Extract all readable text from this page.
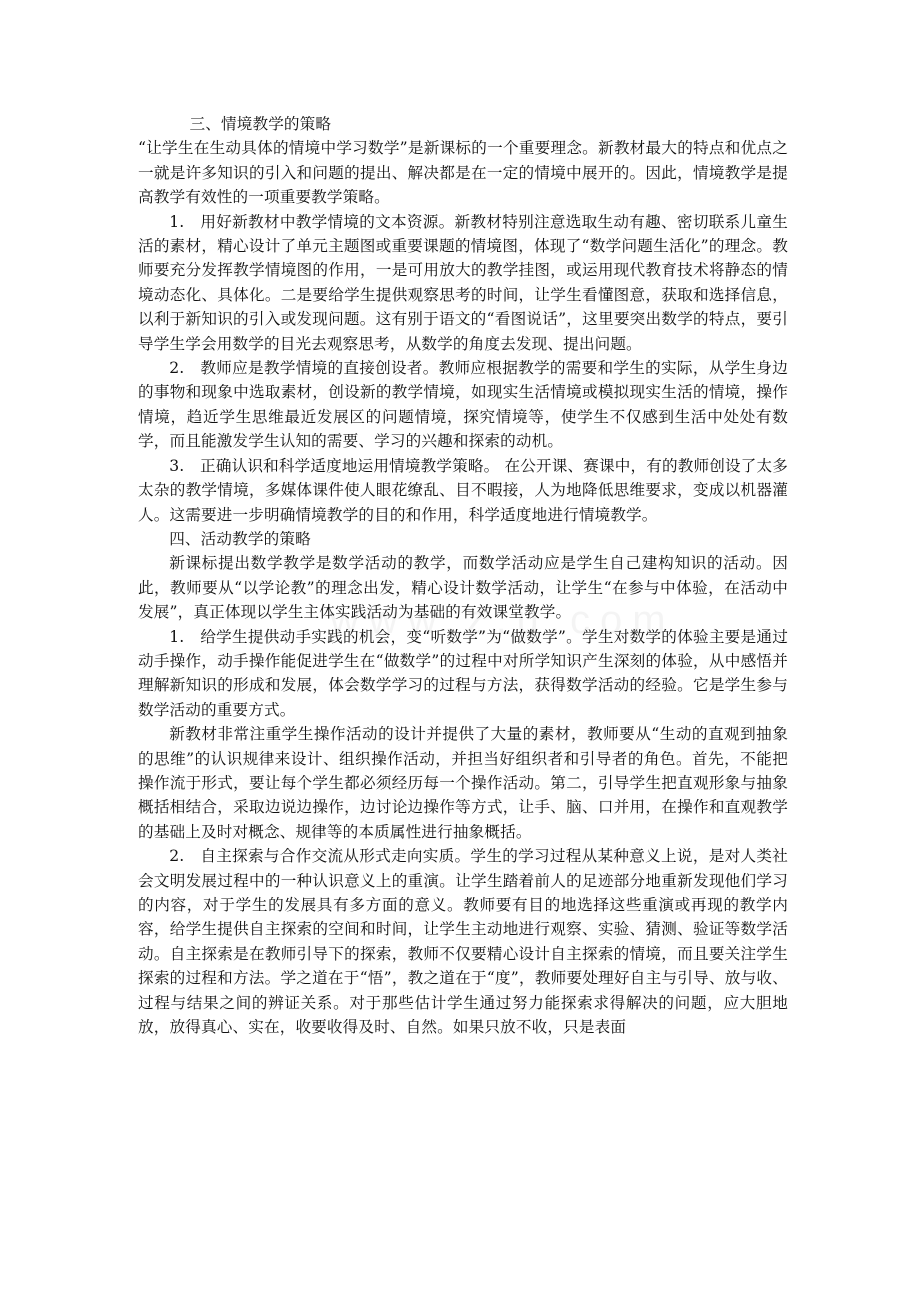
三、情境教学的策略

“让学生在生动具体的情境中学习数学”是新课标的一个重要理念。新教材最大的特点和优点之一就是许多知识的引入和问题的提出、解决都是在一定的情境中展开的。因此，情境教学是提高教学有效性的一项重要教学策略。

1.　用好新教材中教学情境的文本资源。新教材特别注意选取生动有趣、密切联系儿童生活的素材，精心设计了单元主题图或重要课题的情境图，体现了“数学问题生活化”的理念。教师要充分发挥教学情境图的作用，一是可用放大的教学挂图，或运用现代教育技术将静态的情境动态化、具体化。二是要给学生提供观察思考的时间，让学生看懂图意，获取和选择信息，以利于新知识的引入或发现问题。这有别于语文的“看图说话”，这里要突出数学的特点，要引导学生学会用数学的目光去观察思考，从数学的角度去发现、提出问题。

2.　教师应是教学情境的直接创设者。教师应根据教学的需要和学生的实际，从学生身边的事物和现象中选取素材，创设新的教学情境，如现实生活情境或模拟现实生活的情境，操作情境，趋近学生思维最近发展区的问题情境，探究情境等，使学生不仅感到生活中处处有数学，而且能激发学生认知的需要、学习的兴趣和探索的动机。

3.　正确认识和科学适度地运用情境教学策略。 在公开课、赛课中，有的教师创设了太多太杂的教学情境，多媒体课件使人眼花缭乱、目不暇接，人为地降低思维要求，变成以机器灌人。这需要进一步明确情境教学的目的和作用，科学适度地进行情境教学。

四、活动教学的策略

新课标提出数学教学是数学活动的教学，而数学活动应是学生自己建构知识的活动。因此，教师要从“以学论教”的理念出发，精心设计数学活动，让学生“在参与中体验，在活动中发展”，真正体现以学生主体实践活动为基础的有效课堂教学。

1.　给学生提供动手实践的机会，变“听数学”为“做数学”。学生对数学的体验主要是通过动手操作，动手操作能促进学生在“做数学”的过程中对所学知识产生深刻的体验，从中感悟并理解新知识的形成和发展，体会数学学习的过程与方法，获得数学活动的经验。它是学生参与数学活动的重要方式。

新教材非常注重学生操作活动的设计并提供了大量的素材，教师要从“生动的直观到抽象的思维”的认识规律来设计、组织操作活动，并担当好组织者和引导者的角色。首先，不能把操作流于形式，要让每个学生都必须经历每一个操作活动。第二，引导学生把直观形象与抽象概括相结合，采取边说边操作，边讨论边操作等方式，让手、脑、口并用，在操作和直观教学的基础上及时对概念、规律等的本质属性进行抽象概括。

2.　自主探索与合作交流从形式走向实质。学生的学习过程从某种意义上说，是对人类社会文明发展过程中的一种认识意义上的重演。让学生踏着前人的足迹部分地重新发现他们学习的内容，对于学生的发展具有多方面的意义。教师要有目的地选择这些重演或再现的教学内容，给学生提供自主探索的空间和时间，让学生主动地进行观察、实验、猜测、验证等数学活动。自主探索是在教师引导下的探索，教师不仅要精心设计自主探索的情境，而且要关注学生探索的过程和方法。学之道在于“悟”，教之道在于“度”，教师要处理好自主与引导、放与收、过程与结果之间的辨证关系。对于那些估计学生通过努力能探索求得解决的问题，应大胆地放，放得真心、实在，收要收得及时、自然。如果只放不收，只是表面
